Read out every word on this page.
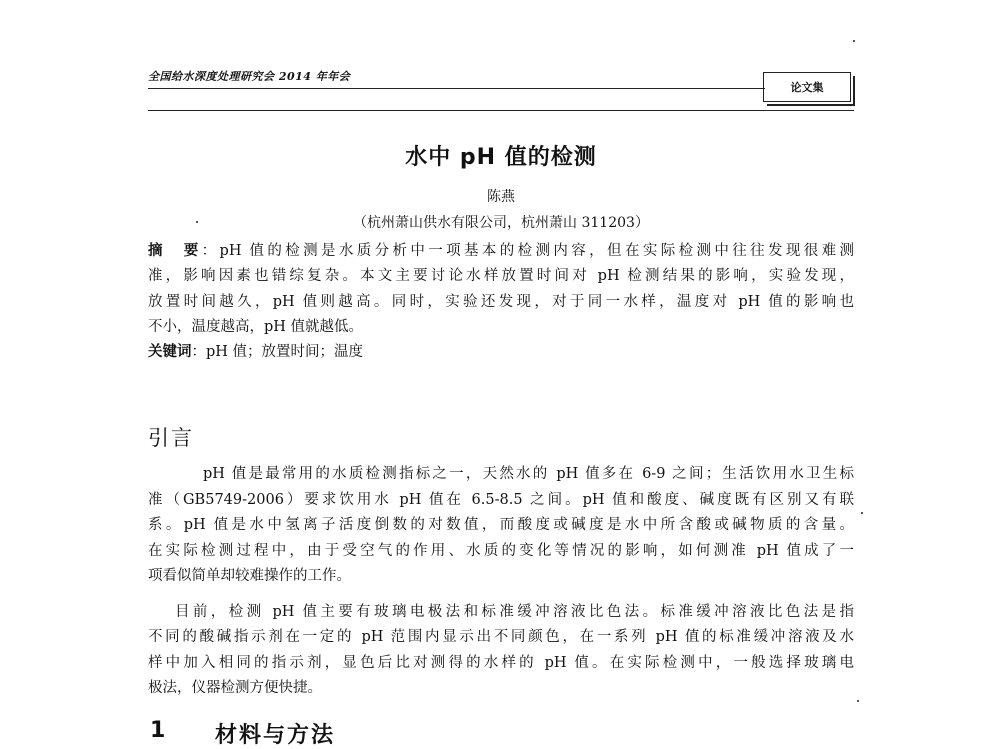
全国给水深度处理研究会 2014 年年会
论文集
水中 pH 值的检测
陈燕
（杭州萧山供水有限公司，杭州萧山 311203）
摘　要：pH 值的检测是水质分析中一项基本的检测内容，但在实际检测中往往发现很难测
准，影响因素也错综复杂。本文主要讨论水样放置时间对 pH 检测结果的影响，实验发现，
放置时间越久，pH 值则越高。同时，实验还发现，对于同一水样，温度对 pH 值的影响也
不小，温度越高，pH 值就越低。
关键词：pH 值；放置时间；温度
引言
pH 值是最常用的水质检测指标之一，天然水的 pH 值多在 6-9 之间；生活饮用水卫生标
准（GB5749-2006）要求饮用水 pH 值在 6.5-8.5 之间。pH 值和酸度、碱度既有区别又有联
系。pH 值是水中氢离子活度倒数的对数值，而酸度或碱度是水中所含酸或碱物质的含量。
在实际检测过程中，由于受空气的作用、水质的变化等情况的影响，如何测准 pH 值成了一
项看似简单却较难操作的工作。
目前，检测 pH 值主要有玻璃电极法和标准缓冲溶液比色法。标准缓冲溶液比色法是指
不同的酸碱指示剂在一定的 pH 范围内显示出不同颜色，在一系列 pH 值的标准缓冲溶液及水
样中加入相同的指示剂，显色后比对测得的水样的 pH 值。在实际检测中，一般选择玻璃电
极法，仪器检测方便快捷。
1 材料与方法
